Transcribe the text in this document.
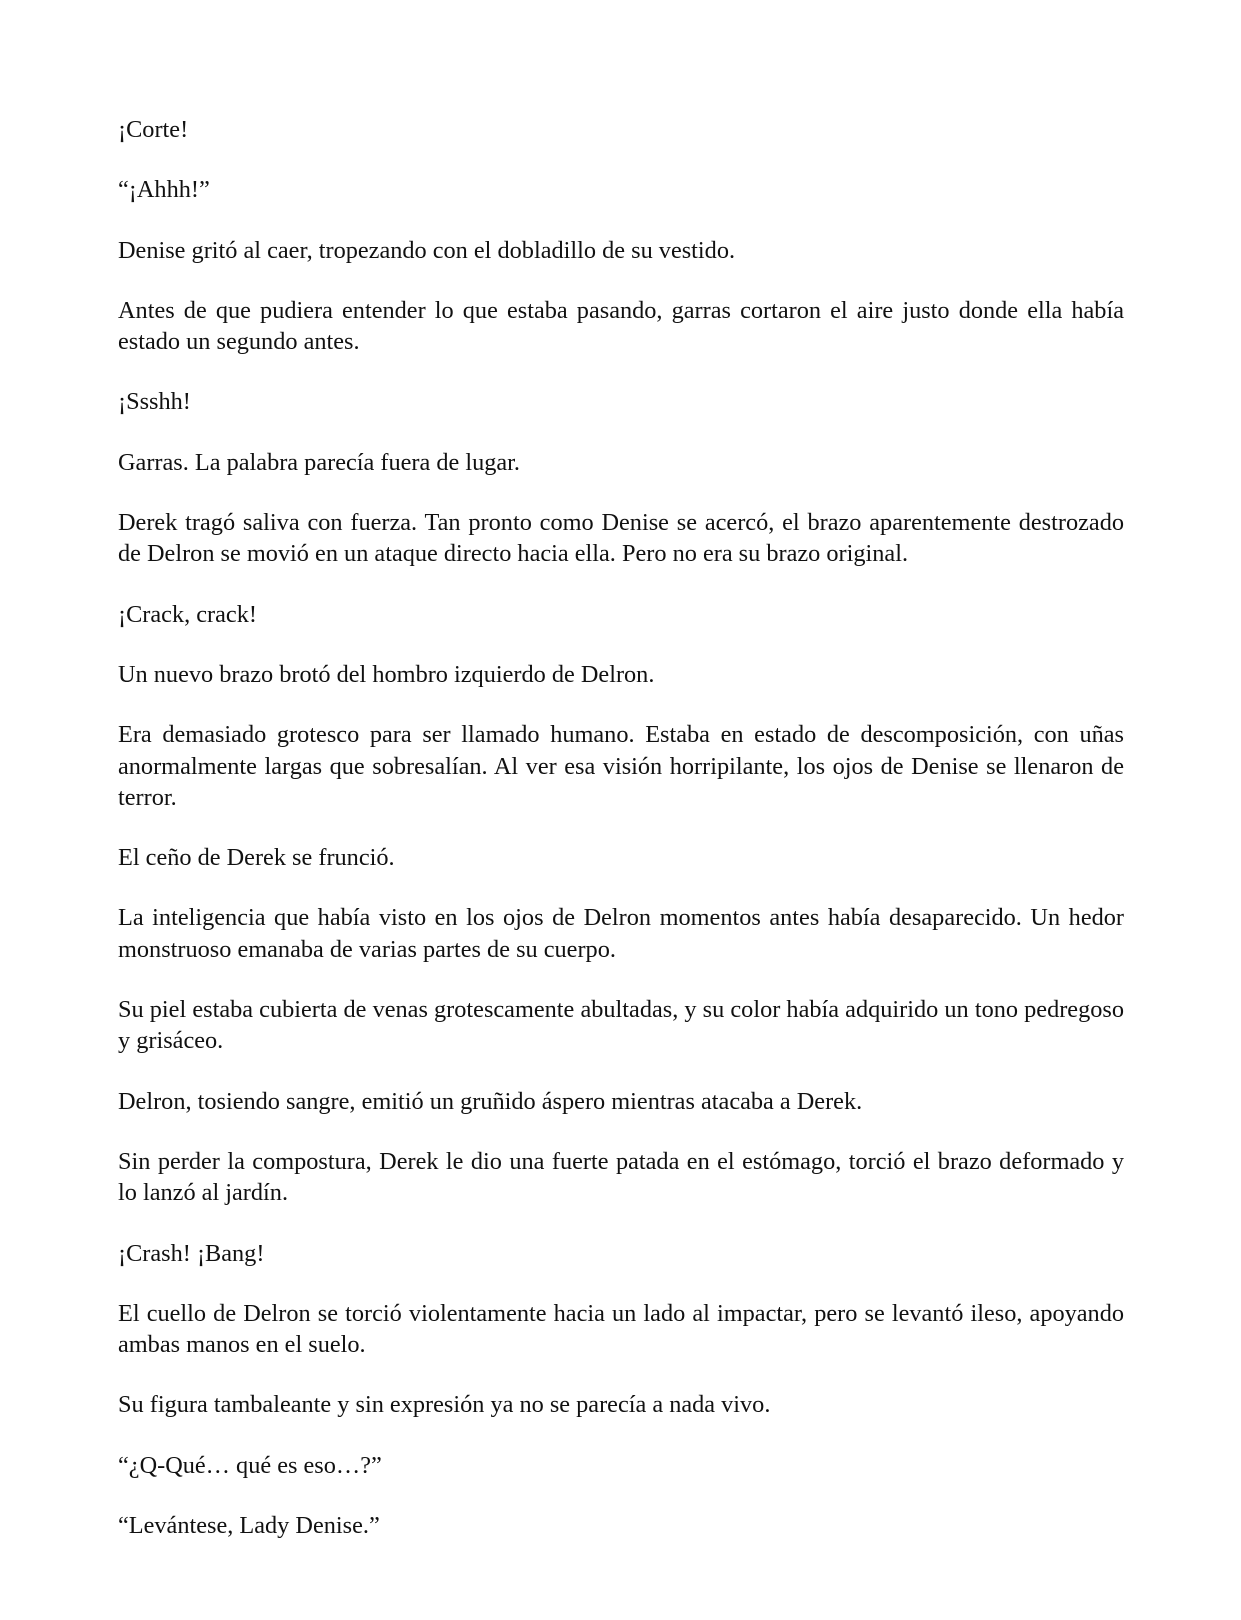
¡Corte!

“¡Ahhh!”

Denise gritó al caer, tropezando con el dobladillo de su vestido.

Antes de que pudiera entender lo que estaba pasando, garras cortaron el aire justo donde ella había estado un segundo antes.

¡Ssshh!

Garras. La palabra parecía fuera de lugar.

Derek tragó saliva con fuerza. Tan pronto como Denise se acercó, el brazo aparentemente destrozado de Delron se movió en un ataque directo hacia ella. Pero no era su brazo original.

¡Crack, crack!

Un nuevo brazo brotó del hombro izquierdo de Delron.

Era demasiado grotesco para ser llamado humano. Estaba en estado de descomposición, con uñas anormalmente largas que sobresalían. Al ver esa visión horripilante, los ojos de Denise se llenaron de terror.

El ceño de Derek se frunció.

La inteligencia que había visto en los ojos de Delron momentos antes había desaparecido. Un hedor monstruoso emanaba de varias partes de su cuerpo.

Su piel estaba cubierta de venas grotescamente abultadas, y su color había adquirido un tono pedregoso y grisáceo.

Delron, tosiendo sangre, emitió un gruñido áspero mientras atacaba a Derek.

Sin perder la compostura, Derek le dio una fuerte patada en el estómago, torció el brazo deformado y lo lanzó al jardín.

¡Crash! ¡Bang!

El cuello de Delron se torció violentamente hacia un lado al impactar, pero se levantó ileso, apoyando ambas manos en el suelo.

Su figura tambaleante y sin expresión ya no se parecía a nada vivo.

“¿Q-Qué… qué es eso…?”

“Levántese, Lady Denise.”
